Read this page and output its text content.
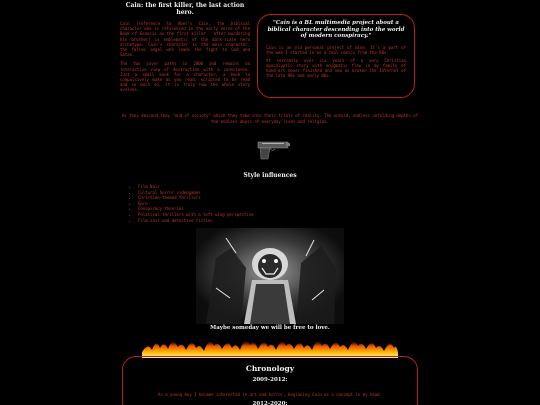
Cain: the first killer, the last action hero.

Cain (reference to Abel's Cain, the biblical character who is referenced in the early verse of the Book of Genesis as the first killer - after murdering his brother) is emblematic of the dark-scale hero archetype. Cain's character is the main character, the fallen angel who leads the fight to God and Satan.

The two cover paths in 2000 and remains an interactive view of destruction with a conscience. Just a small book for a character, a book to compulsively make as you read, scripted to be read and so much so, it is truly how the whole story evolves.

"Cain is a BL multimedia project about a biblical character descending into the world of modern conspiracy."

Cain is an old personal project of mine. It's a part of the web I started in as a real comics from the 90s.

At currently over six years of a very Christian apocalyptic story with enigmatic flow in my family of hand-art never finished and now as broken the Internet of the late 90s and early 00s.

As they descend they "end of society" which they take into their trials of reality. The untold, endless unfolding depths of the endless abyss of everyday lives and religion.
Style influences
• Film Noir
• Cultural horror videogames
• Christian-themed thrillers
• Gore
• Conspiracy theories
• Political thrillers with a left-wing perspective
• Film noir and detective fiction
Maybe someday we will be free to love.
Chronology
2009-2012:
As a young boy I became interested in art and horror, beginning Cain as a concept in my head.
2012-2020:
